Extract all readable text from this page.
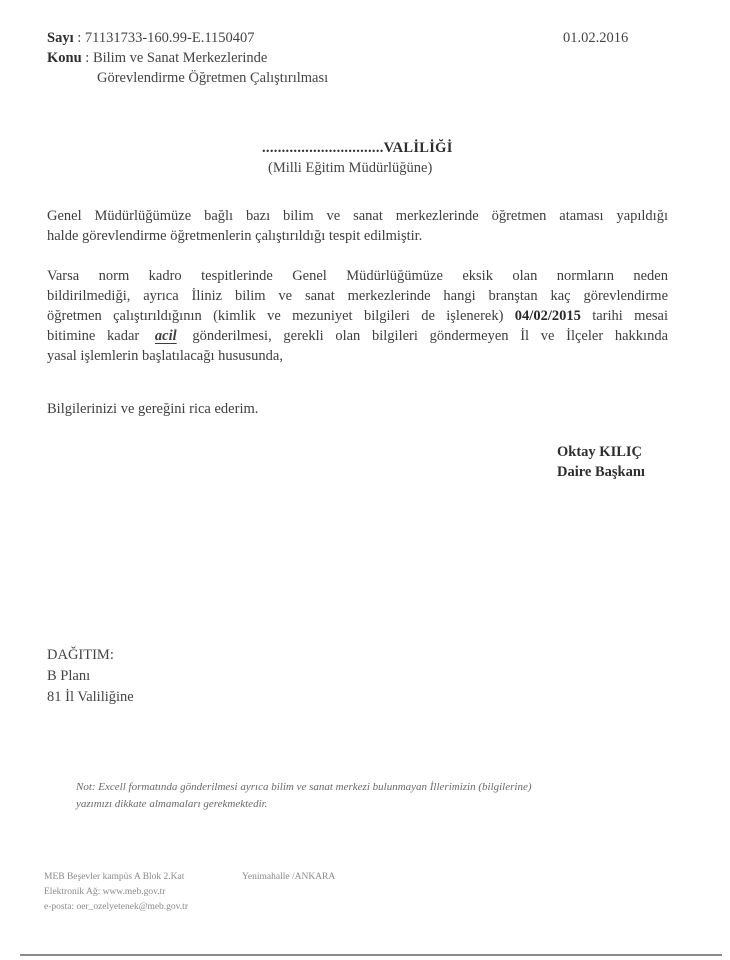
Sayı : 71131733-160.99-E.1150407	01.02.2016
Konu : Bilim ve Sanat Merkezlerinde
Görevlendirme Öğretmen Çalıştırılması
...............................VALİLİĞİ
(Milli Eğitim Müdürlüğüne)
Genel Müdürlüğümüze bağlı bazı bilim ve sanat merkezlerinde öğretmen ataması yapıldığı
halde görevlendirme öğretmenlerin çalıştırıldığı tespit edilmiştir.
Varsa norm kadro tespitlerinde Genel Müdürlüğümüze eksik olan normların neden
bildirilmediği, ayrıca İliniz bilim ve sanat merkezlerinde hangi branştan kaç görevlendirme
öğretmen çalıştırıldığının (kimlik ve mezuniyet bilgileri de işlenerek) 04/02/2015 tarihi mesai
bitimine kadar acil gönderilmesi, gerekli olan bilgileri göndermeyen İl ve İlçeler hakkında
yasal işlemlerin başlatılacağı hususunda,
Bilgilerinizi ve gereğini rica ederim.
Oktay KILIÇ
Daire Başkanı
DAĞITIM:
B Planı
81 İl Valiliğine
Not: Excell formatında gönderilmesi ayrıca bilim ve sanat merkezi bulunmayan İllerimizin (bilgilerine)
yazımızı dikkate almamaları gerekmektedir.
MEB Beşevler kampüs A Blok 2.Kat	Yenimahalle /ANKARA
Elektronik Ağ: www.meb.gov.tr
e-posta: oer_ozelyetenek@meb.gov.tr
